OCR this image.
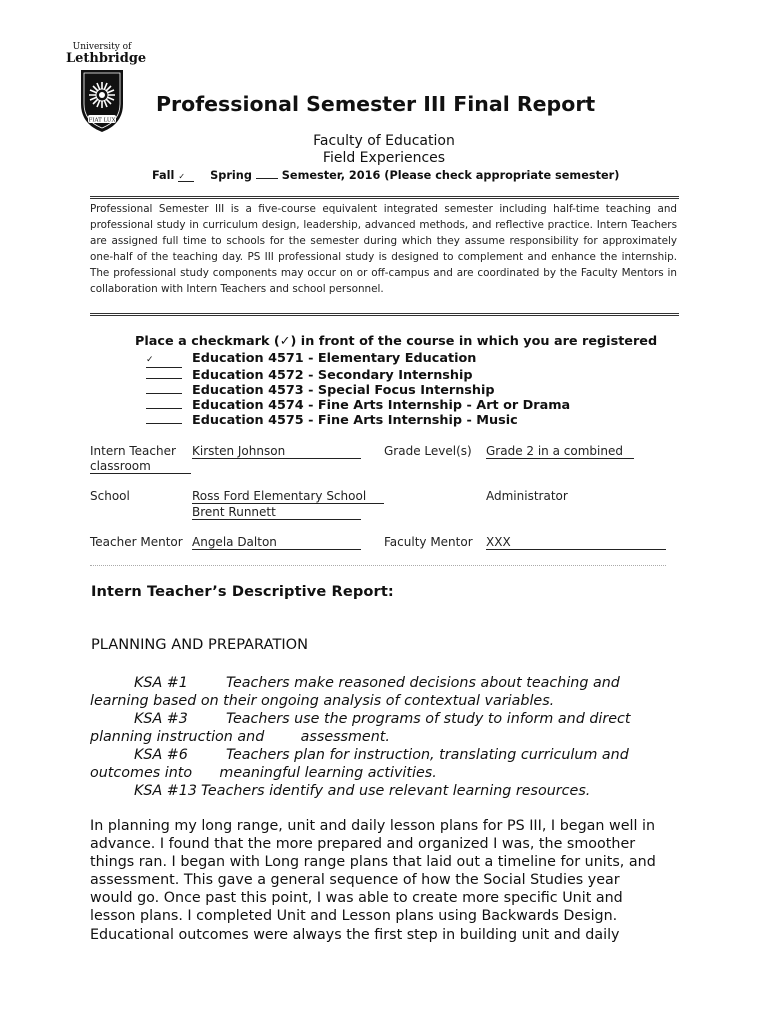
University of
Lethbridge
FIAT LUX
Professional Semester III Final Report
Faculty of Education
Field Experiences
Fall ✓ Spring	Semester, 2016 (Please check appropriate semester)
Professional Semester III is a five-course equivalent integrated semester including half-time teaching and professional study in curriculum design, leadership, advanced methods, and reflective practice. Intern Teachers are assigned full time to schools for the semester during which they assume responsibility for approximately one-half of the teaching day. PS III professional study is designed to complement and enhance the internship. The professional study components may occur on or off-campus and are coordinated by the Faculty Mentors in collaboration with Intern Teachers and school personnel.
Place a checkmark (✓) in front of the course in which you are registered
✓	Education 4571 - Elementary Education
Education 4572 - Secondary Internship
Education 4573 - Special Focus Internship
Education 4574 - Fine Arts Internship - Art or Drama
Education 4575 - Fine Arts Internship - Music
Intern Teacher Kirsten Johnson	Grade Level(s) Grade 2 in a combined
classroom
School	Ross Ford Elementary School	Administrator
Brent Runnett
Teacher Mentor Angela Dalton	Faculty Mentor XXX
Intern Teacher’s Descriptive Report:
PLANNING AND PREPARATION
KSA #1	Teachers make reasoned decisions about teaching and
learning based on their ongoing analysis of contextual variables.
KSA #3	Teachers use the programs of study to inform and direct
planning instruction and        assessment.
KSA #6	Teachers plan for instruction, translating curriculum and
outcomes into      meaningful learning activities.
KSA #13 Teachers identify and use relevant learning resources.

In planning my long range, unit and daily lesson plans for PS III, I began well in

advance. I found that the more prepared and organized I was, the smoother

things ran. I began with Long range plans that laid out a timeline for units, and

assessment. This gave a general sequence of how the Social Studies year

would go. Once past this point, I was able to create more specific Unit and

lesson plans. I completed Unit and Lesson plans using Backwards Design.

Educational outcomes were always the first step in building unit and daily
